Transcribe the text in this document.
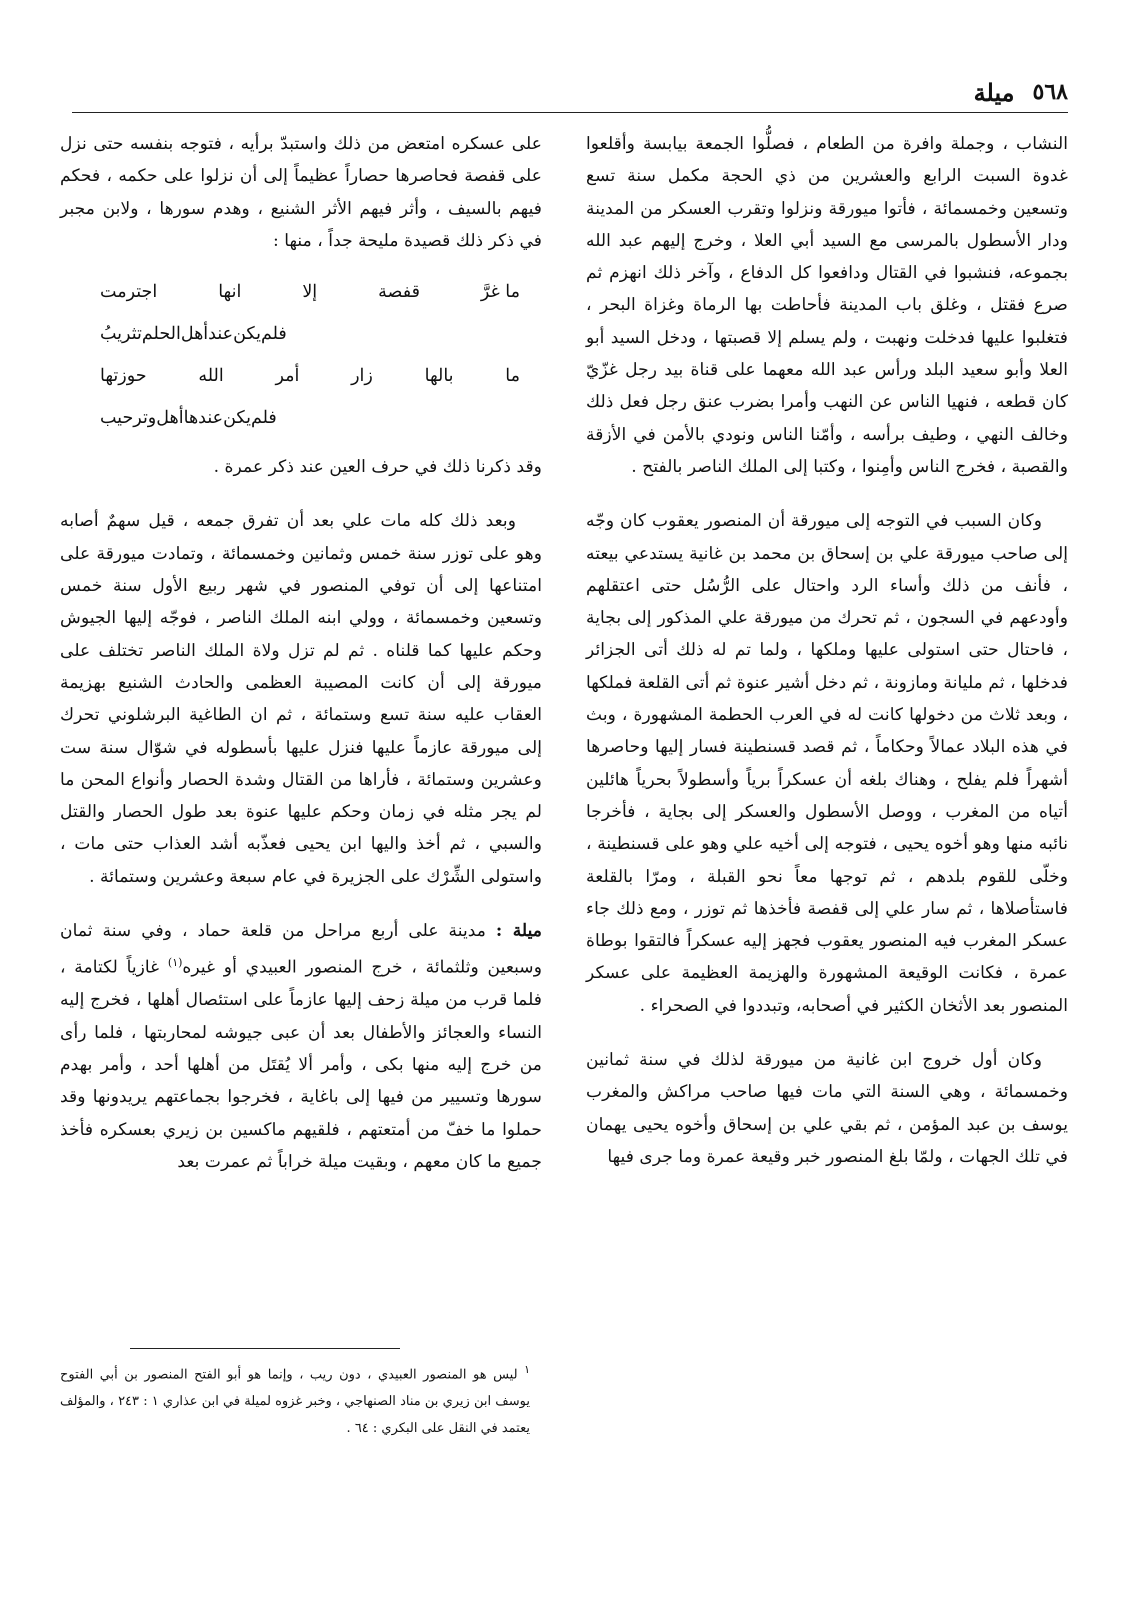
٥٦٨
ميلة

النشاب ، وجملة وافرة من الطعام ، فصلُّوا الجمعة بيابسة وأقلعوا غدوة السبت الرابع والعشرين من ذي الحجة مكمل سنة تسع وتسعين وخمسمائة ، فأتوا ميورقة ونزلوا وتقرب العسكر من المدينة ودار الأسطول بالمرسى مع السيد أبي العلا ، وخرج إليهم عبد الله بجموعه، فنشبوا في القتال ودافعوا كل الدفاع ، وآخر ذلك انهزم ثم صرع فقتل ، وغلق باب المدينة فأحاطت بها الرماة وغزاة البحر ، فتغلبوا عليها فدخلت ونهبت ، ولم يسلم إلا قصبتها ، ودخل السيد أبو العلا وأبو سعيد البلد ورأس عبد الله معهما على قناة بيد رجل غزّيّ كان قطعه ، فنهيا الناس عن النهب وأمرا بضرب عنق رجل فعل ذلك وخالف النهي ، وطيف برأسه ، وأمّنا الناس ونودي بالأمن في الأزقة والقصبة ، فخرج الناس وأمِنوا ، وكتبا إلى الملك الناصر بالفتح .

وكان السبب في التوجه إلى ميورقة أن المنصور يعقوب كان وجّه إلى صاحب ميورقة علي بن إسحاق بن محمد بن غانية يستدعي بيعته ، فأنف من ذلك وأساء الرد واحتال على الرُّسُل حتى اعتقلهم وأودعهم في السجون ، ثم تحرك من ميورقة علي المذكور إلى بجاية ، فاحتال حتى استولى عليها وملكها ، ولما تم له ذلك أتى الجزائر فدخلها ، ثم مليانة ومازونة ، ثم دخل أشير عنوة ثم أتى القلعة فملكها ، وبعد ثلاث من دخولها كانت له في العرب الحطمة المشهورة ، وبث في هذه البلاد عمالاً وحكاماً ، ثم قصد قسنطينة فسار إليها وحاصرها أشهراً فلم يفلح ، وهناك بلغه أن عسكراً برياً وأسطولاً بحرياً هائلين أتياه من المغرب ، ووصل الأسطول والعسكر إلى بجاية ، فأخرجا نائبه منها وهو أخوه يحيى ، فتوجه إلى أخيه علي وهو على قسنطينة ، وخلّى للقوم بلدهم ، ثم توجها معاً نحو القبلة ، ومرّا بالقلعة فاستأصلاها ، ثم سار علي إلى قفصة فأخذها ثم توزر ، ومع ذلك جاء عسكر المغرب فيه المنصور يعقوب فجهز إليه عسكراً فالتقوا بوطاة عمرة ، فكانت الوقيعة المشهورة والهزيمة العظيمة على عسكر المنصور بعد الأثخان الكثير في أصحابه، وتبددوا في الصحراء .

وكان أول خروج ابن غانية من ميورقة لذلك في سنة ثمانين وخمسمائة ، وهي السنة التي مات فيها صاحب مراكش والمغرب يوسف بن عبد المؤمن ، ثم بقي علي بن إسحاق وأخوه يحيى يهمان في تلك الجهات ، ولمّا بلغ المنصور خبر وقيعة عمرة وما جرى فيها

على عسكره امتعض من ذلك واستبدّ برأيه ، فتوجه بنفسه حتى نزل على قفصة فحاصرها حصاراً عظيماً إلى أن نزلوا على حكمه ، فحكم فيهم بالسيف ، وأثر فيهم الأثر الشنيع ، وهدم سورها ، ولابن مجبر في ذكر ذلك قصيدة مليحة جداً ، منها :

ما غرَّ
قفصة
إلا
انها
اجترمت
فلم
يكن
عند
أهل
الحلم
تثريبُ
ما
بالها
زار
أمر
الله
حوزتها
فلم
يكن
عندها
أهل
وترحيب

وقد ذكرنا ذلك في حرف العين عند ذكر عمرة .

وبعد ذلك كله مات علي بعد أن تفرق جمعه ، قيل سهمٌ أصابه وهو على توزر سنة خمس وثمانين وخمسمائة ، وتمادت ميورقة على امتناعها إلى أن توفي المنصور في شهر ربيع الأول سنة خمس وتسعين وخمسمائة ، وولي ابنه الملك الناصر ، فوجّه إليها الجيوش وحكم عليها كما قلناه . ثم لم تزل ولاة الملك الناصر تختلف على ميورقة إلى أن كانت المصيبة العظمى والحادث الشنيع بهزيمة العقاب عليه سنة تسع وستمائة ، ثم ان الطاغية البرشلوني تحرك إلى ميورقة عازماً عليها فنزل عليها بأسطوله في شوّال سنة ست وعشرين وستمائة ، فأراها من القتال وشدة الحصار وأنواع المحن ما لم يجر مثله في زمان وحكم عليها عنوة بعد طول الحصار والقتل والسبي ، ثم أخذ واليها ابن يحيى فعذّبه أشد العذاب حتى مات ، واستولى الشِّرْك على الجزيرة في عام سبعة وعشرين وستمائة .

ميلة : مدينة على أربع مراحل من قلعة حماد ، وفي سنة ثمان وسبعين وثلثمائة ، خرج المنصور العبيدي أو غيره$^{(١)}$ غازياً لكتامة ، فلما قرب من ميلة زحف إليها عازماً على استئصال أهلها ، فخرج إليه النساء والعجائز والأطفال بعد أن عبى جيوشه لمحاربتها ، فلما رأى من خرج إليه منها بكى ، وأمر ألا يُقتَل من أهلها أحد ، وأمر بهدم سورها وتسيير من فيها إلى باغاية ، فخرجوا بجماعتهم يريدونها وقد حملوا ما خفّ من أمتعتهم ، فلقيهم ماكسين بن زيري بعسكره فأخذ جميع ما كان معهم ، وبقيت ميلة خراباً ثم عمرت بعد

$^١$ ليس هو المنصور العبيدي ، دون ريب ، وإنما هو أبو الفتح المنصور بن أبي الفتوح يوسف ابن زيري بن مناد الصنهاجي ، وخبر غزوه لميلة في ابن عذاري ١ : ٢٤٣ ، والمؤلف يعتمد في النقل على البكري : ٦٤ .
